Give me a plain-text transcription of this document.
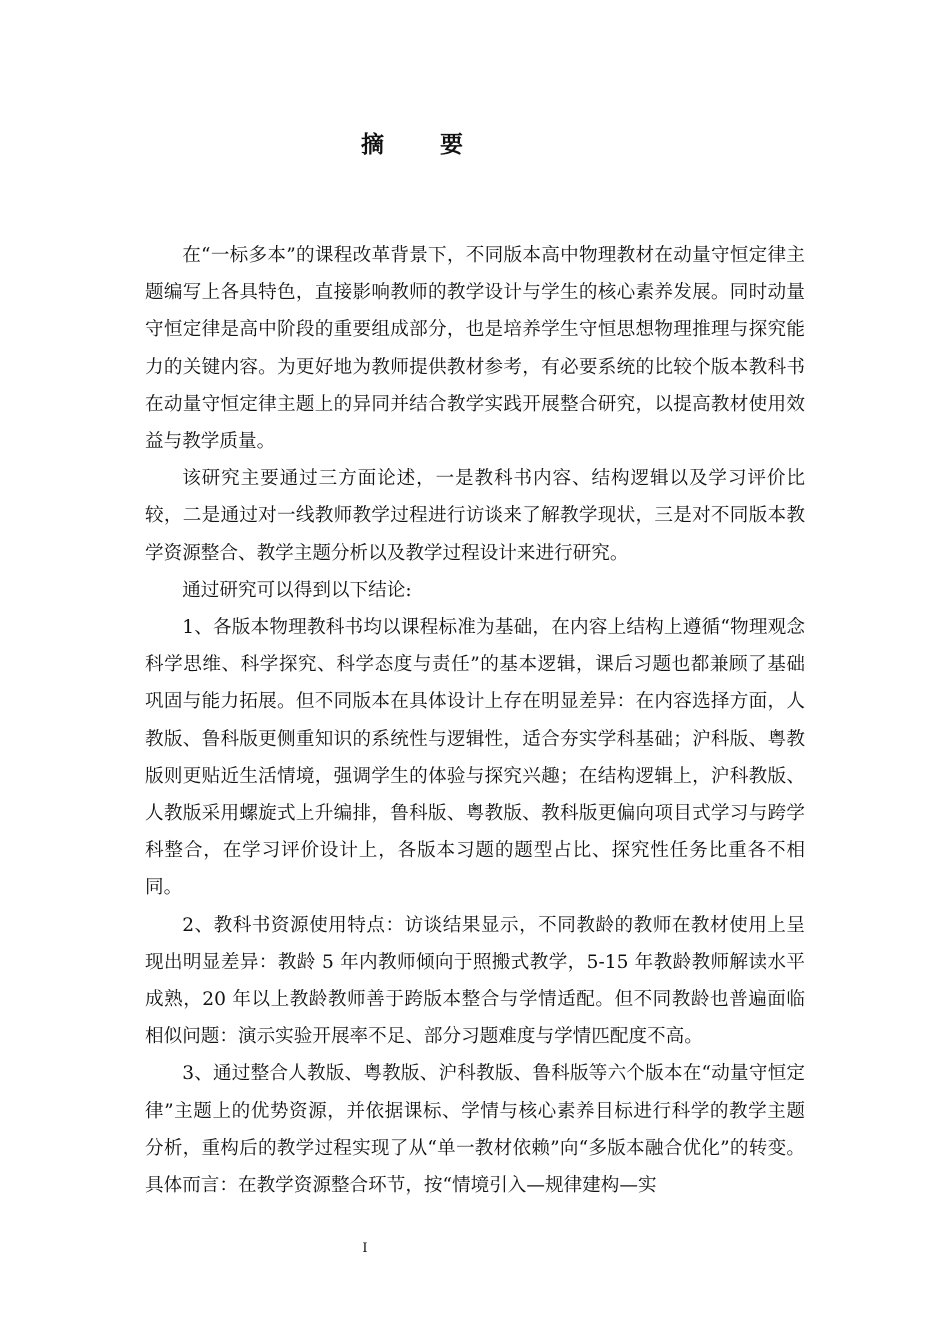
摘 要

在“一标多本”的课程改革背景下，不同版本高中物理教材在动量守恒定律主题编写上各具特色，直接影响教师的教学设计与学生的核心素养发展。同时动量守恒定律是高中阶段的重要组成部分，也是培养学生守恒思想物理推理与探究能力的关键内容。为更好地为教师提供教材参考，有必要系统的比较个版本教科书在动量守恒定律主题上的异同并结合教学实践开展整合研究，以提高教材使用效益与教学质量。

该研究主要通过三方面论述，一是教科书内容、结构逻辑以及学习评价比较，二是通过对一线教师教学过程进行访谈来了解教学现状，三是对不同版本教学资源整合、教学主题分析以及教学过程设计来进行研究。

通过研究可以得到以下结论:

1、各版本物理教科书均以课程标准为基础，在内容上结构上遵循“物理观念科学思维、科学探究、科学态度与责任”的基本逻辑，课后习题也都兼顾了基础巩固与能力拓展。但不同版本在具体设计上存在明显差异：在内容选择方面，人教版、鲁科版更侧重知识的系统性与逻辑性，适合夯实学科基础；沪科版、粤教版则更贴近生活情境，强调学生的体验与探究兴趣；在结构逻辑上，沪科教版、人教版采用螺旋式上升编排，鲁科版、粤教版、教科版更偏向项目式学习与跨学科整合，在学习评价设计上，各版本习题的题型占比、探究性任务比重各不相同。

2、教科书资源使用特点：访谈结果显示，不同教龄的教师在教材使用上呈现出明显差异：教龄 5 年内教师倾向于照搬式教学，5-15 年教龄教师解读水平成熟，20 年以上教龄教师善于跨版本整合与学情适配。但不同教龄也普遍面临相似问题：演示实验开展率不足、部分习题难度与学情匹配度不高。

3、通过整合人教版、粤教版、沪科教版、鲁科版等六个版本在“动量守恒定律”主题上的优势资源，并依据课标、学情与核心素养目标进行科学的教学主题分析，重构后的教学过程实现了从“单一教材依赖”向“多版本融合优化”的转变。具体而言：在教学资源整合环节，按“情境引入—规律建构—实

I
